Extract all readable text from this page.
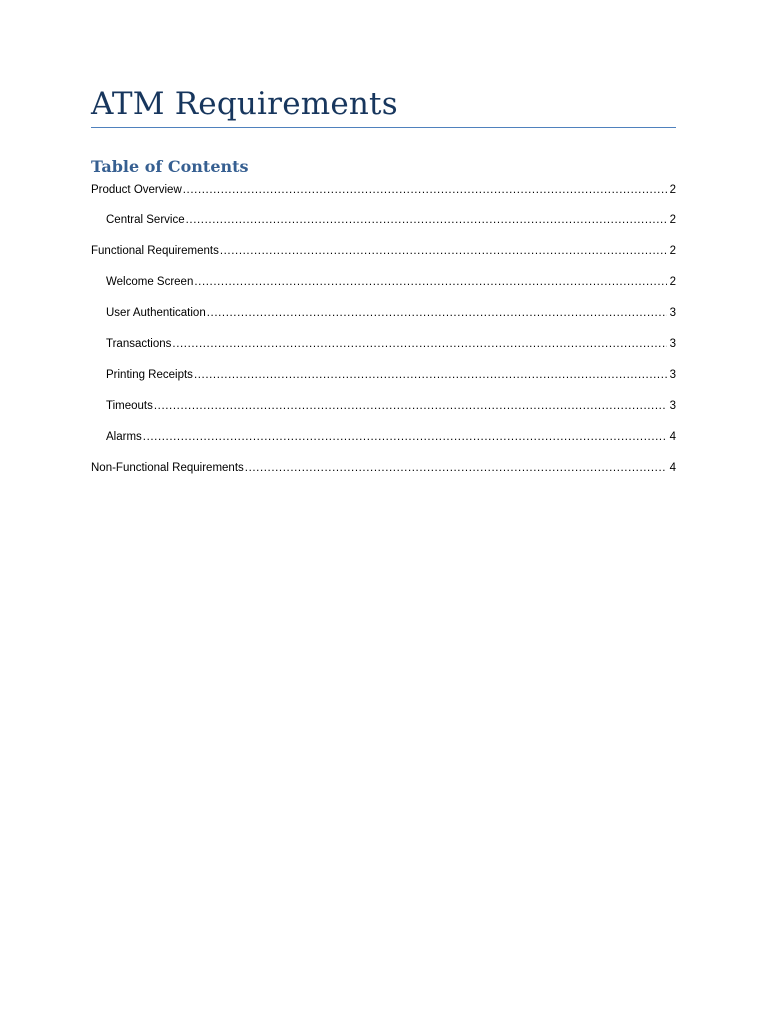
ATM Requirements
Table of Contents
Product Overview .....	2
Central Service .....	2
Functional Requirements .....	2
Welcome Screen .....	2
User Authentication .....	3
Transactions .....	3
Printing Receipts .....	3
Timeouts .....	3
Alarms .....	4
Non-Functional Requirements .....	4
